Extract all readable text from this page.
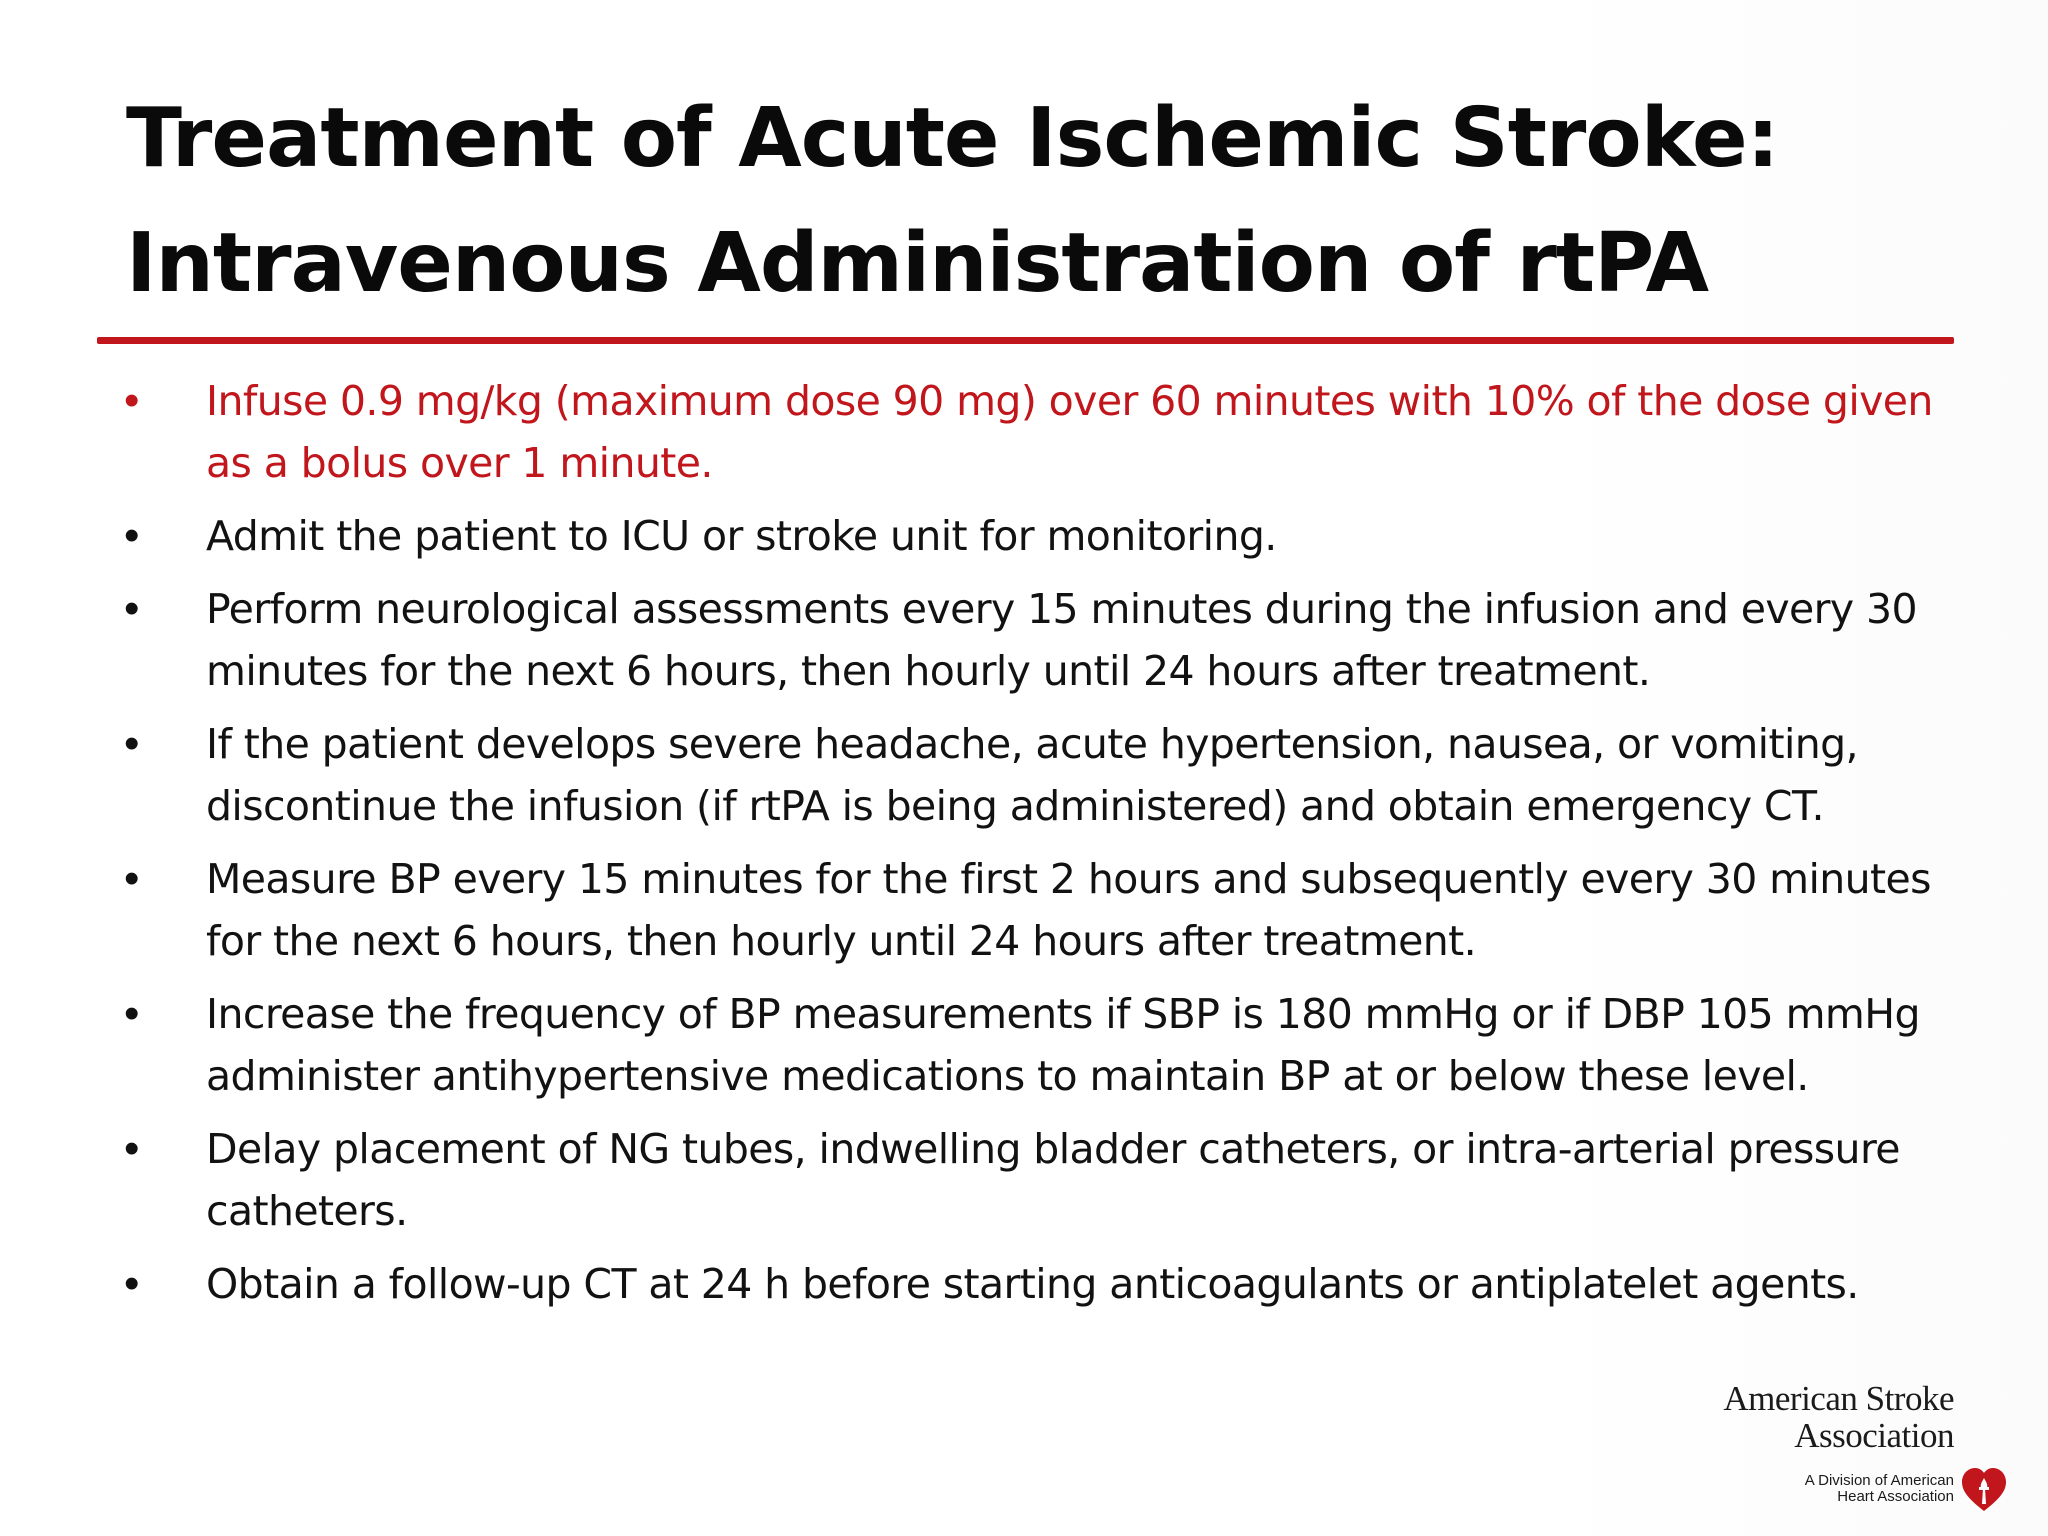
Treatment of Acute Ischemic Stroke:
Intravenous Administration of rtPA
•	Infuse 0.9 mg/kg (maximum dose 90 mg) over 60 minutes with 10% of the dose given as a bolus over 1 minute.
•	Admit the patient to ICU or stroke unit for monitoring.
•	Perform neurological assessments every 15 minutes during the infusion and every 30 minutes for the next 6 hours, then hourly until 24 hours after treatment.
•	If the patient develops severe headache, acute hypertension, nausea, or vomiting, discontinue the infusion (if rtPA is being administered) and obtain emergency CT.
•	Measure BP every 15 minutes for the first 2 hours and subsequently every 30 minutes for the next 6 hours, then hourly until 24 hours after treatment.
•	Increase the frequency of BP measurements if SBP is 180 mmHg or if DBP 105 mmHg administer antihypertensive medications to maintain BP at or below these level.
•	Delay placement of NG tubes, indwelling bladder catheters, or intra-arterial pressure catheters.
•	Obtain a follow-up CT at 24 h before starting anticoagulants or antiplatelet agents.
American Stroke
Association
A Division of American
Heart Association
